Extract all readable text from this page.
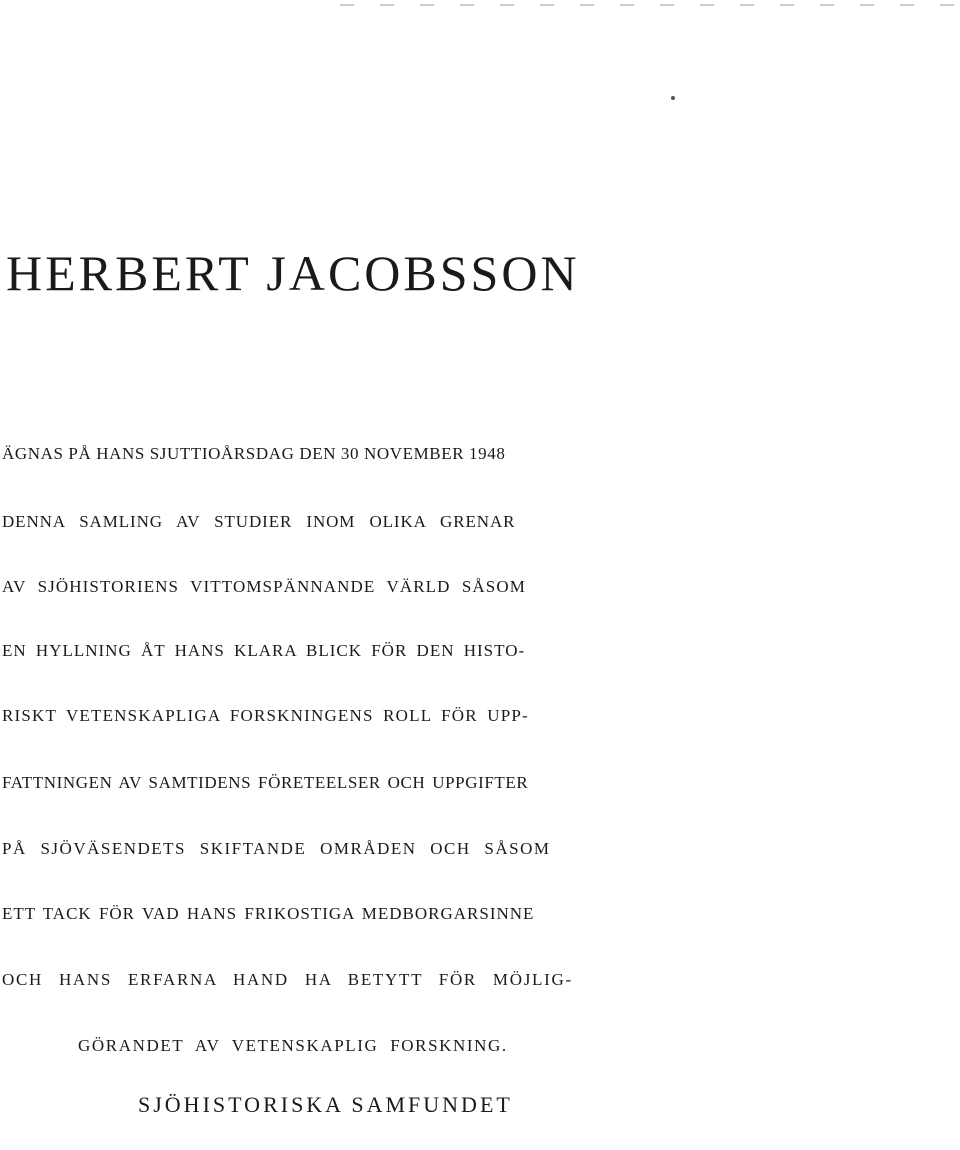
HERBERT JACOBSSON
ÄGNAS PÅ HANS SJUTTIOÅRSDAG DEN 30 NOVEMBER 1948
DENNA SAMLING AV STUDIER INOM OLIKA GRENAR
AV SJÖHISTORIENS VITTOMSPÄNNANDE VÄRLD SÅSOM
EN HYLLNING ÅT HANS KLARA BLICK FÖR DEN HISTO-
RISKT VETENSKAPLIGA FORSKNINGENS ROLL FÖR UPP-
FATTNINGEN AV SAMTIDENS FÖRETEELSER OCH UPPGIFTER
PÅ SJÖVÄSENDETS SKIFTANDE OMRÅDEN OCH SÅSOM
ETT TACK FÖR VAD HANS FRIKOSTIGA MEDBORGARSINNE
OCH HANS ERFARNA HAND HA BETYTT FÖR MÖJLIG-
GÖRANDET AV VETENSKAPLIG FORSKNING.
SJÖHISTORISKA SAMFUNDET
